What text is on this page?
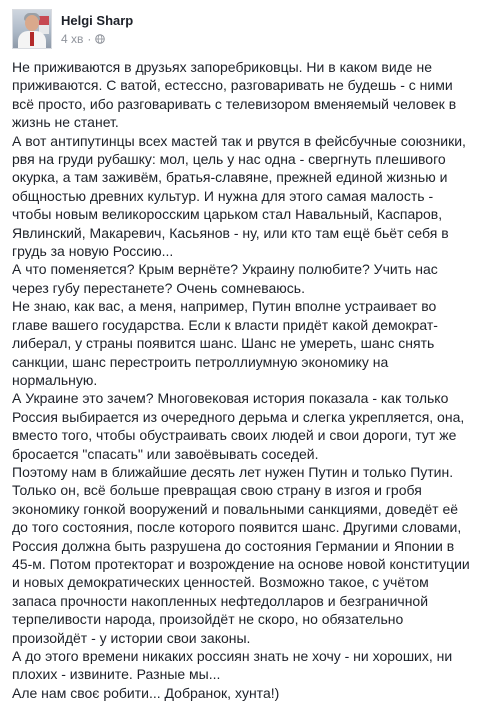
Helgi Sharp
4 хв ·

Не приживаются в друзьях запоребриковцы. Ни в каком виде не приживаются. С ватой, естессно, разговаривать не будешь - с ними всё просто, ибо разговаривать с телевизором вменяемый человек в жизнь не станет.

А вот антипутинцы всех мастей так и рвутся в фейсбучные союзники, рвя на груди рубашку: мол, цель у нас одна - свергнуть плешивого окурка, а там заживём, братья-славяне, прежней единой жизнью и общностью древних культур. И нужна для этого самая малость - чтобы новым великоросским царьком стал Навальный, Каспаров, Явлинский, Макаревич, Касьянов - ну, или кто там ещё бьёт себя в грудь за новую Россию...

А что поменяется? Крым вернёте? Украину полюбите? Учить нас через губу перестанете? Очень сомневаюсь.

Не знаю, как вас, а меня, например, Путин вполне устраивает во главе вашего государства. Если к власти придёт какой демократ-либерал, у страны появится шанс. Шанс не умереть, шанс снять санкции, шанс перестроить петроллиумную экономику на нормальную.

А Украине это зачем? Многовековая история показала - как только Россия выбирается из очередного дерьма и слегка укрепляется, она, вместо того, чтобы обустраивать своих людей и свои дороги, тут же бросается "спасать" или завоёвывать соседей.

Поэтому нам в ближайшие десять лет нужен Путин и только Путин. Только он, всё больше превращая свою страну в изгоя и гробя экономику гонкой вооружений и повальными санкциями, доведёт её до того состояния, после которого появится шанс. Другими словами, Россия должна быть разрушена до состояния Германии и Японии в 45-м. Потом протекторат и возрождение на основе новой конституции и новых демократических ценностей. Возможно такое, с учётом запаса прочности накопленных нефтедолларов и безграничной терпеливости народа, произойдёт не скоро, но обязательно произойдёт - у истории свои законы.

А до этого времени никаких россиян знать не хочу - ни хороших, ни плохих - извините. Разные мы...

Але нам своє робити... Добранок, хунта!)
